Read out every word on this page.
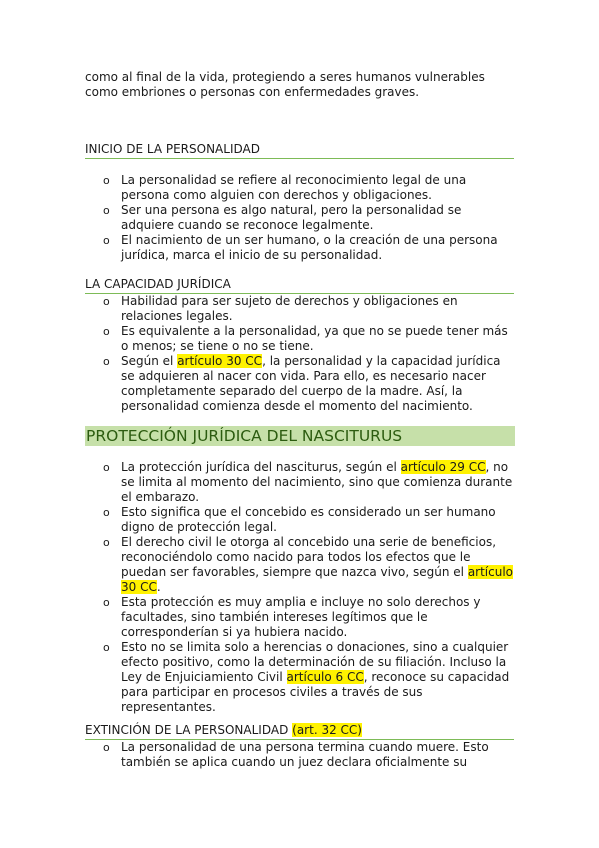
como al final de la vida, protegiendo a seres humanos vulnerables como embriones o personas con enfermedades graves.
INICIO DE LA PERSONALIDAD
o La personalidad se refiere al reconocimiento legal de una persona como alguien con derechos y obligaciones.
o Ser una persona es algo natural, pero la personalidad se adquiere cuando se reconoce legalmente.
o El nacimiento de un ser humano, o la creación de una persona jurídica, marca el inicio de su personalidad.
LA CAPACIDAD JURÍDICA
o Habilidad para ser sujeto de derechos y obligaciones en relaciones legales.
o Es equivalente a la personalidad, ya que no se puede tener más o menos; se tiene o no se tiene.
o Según el artículo 30 CC, la personalidad y la capacidad jurídica se adquieren al nacer con vida. Para ello, es necesario nacer completamente separado del cuerpo de la madre. Así, la personalidad comienza desde el momento del nacimiento.
PROTECCIÓN JURÍDICA DEL NASCITURUS
o La protección jurídica del nasciturus, según el artículo 29 CC, no se limita al momento del nacimiento, sino que comienza durante el embarazo.
o Esto significa que el concebido es considerado un ser humano digno de protección legal.
o El derecho civil le otorga al concebido una serie de beneficios, reconociéndolo como nacido para todos los efectos que le puedan ser favorables, siempre que nazca vivo, según el artículo 30 CC.
o Esta protección es muy amplia e incluye no solo derechos y facultades, sino también intereses legítimos que le corresponderían si ya hubiera nacido.
o Esto no se limita solo a herencias o donaciones, sino a cualquier efecto positivo, como la determinación de su filiación. Incluso la Ley de Enjuiciamiento Civil artículo 6 CC, reconoce su capacidad para participar en procesos civiles a través de sus representantes.
EXTINCIÓN DE LA PERSONALIDAD (art. 32 CC)
o La personalidad de una persona termina cuando muere. Esto también se aplica cuando un juez declara oficialmente su
